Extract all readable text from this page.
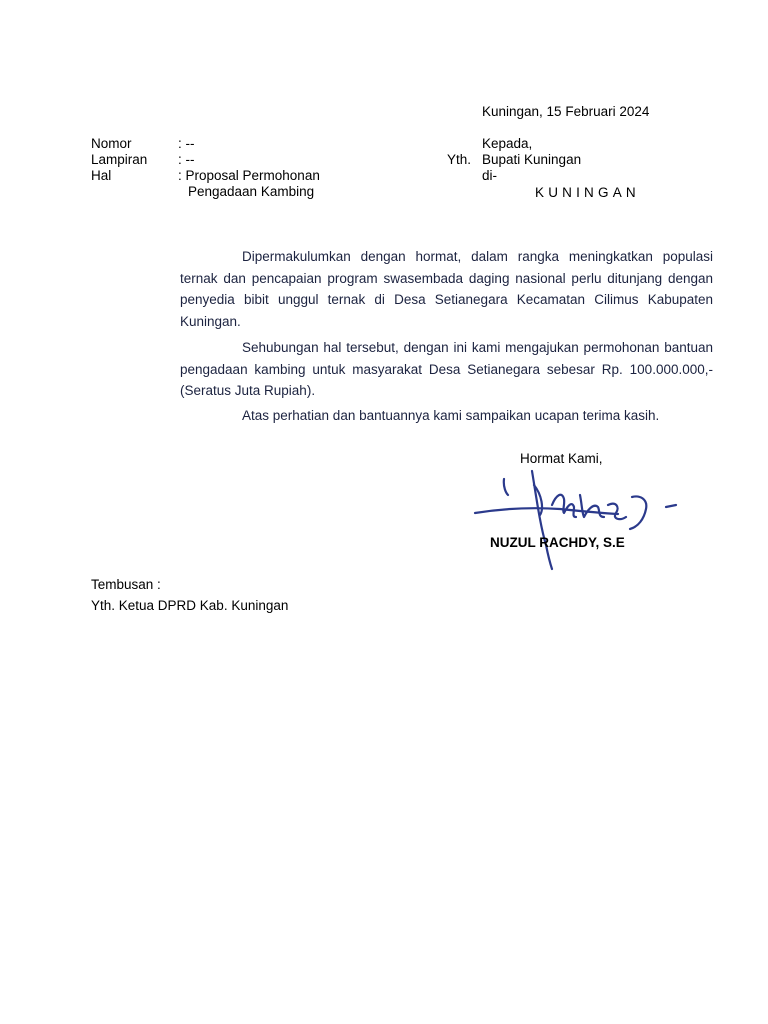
Kuningan, 15 Februari 2024
Nomor	: --
Lampiran : --
Hal	: Proposal Permohonan
Pengadaan Kambing
Kepada,
Yth. Bupati Kuningan
di-
KUNINGAN
Dipermakulumkan dengan hormat, dalam rangka meningkatkan populasi ternak dan pencapaian program swasembada daging nasional perlu ditunjang dengan penyedia bibit unggul ternak di Desa Setianegara Kecamatan Cilimus Kabupaten Kuningan.
Sehubungan hal tersebut, dengan ini kami mengajukan permohonan bantuan pengadaan kambing untuk masyarakat Desa Setianegara sebesar Rp. 100.000.000,- (Seratus Juta Rupiah).
Atas perhatian dan bantuannya kami sampaikan ucapan terima kasih.
Hormat Kami,
NUZUL RACHDY, S.E
Tembusan :
Yth. Ketua DPRD Kab. Kuningan
